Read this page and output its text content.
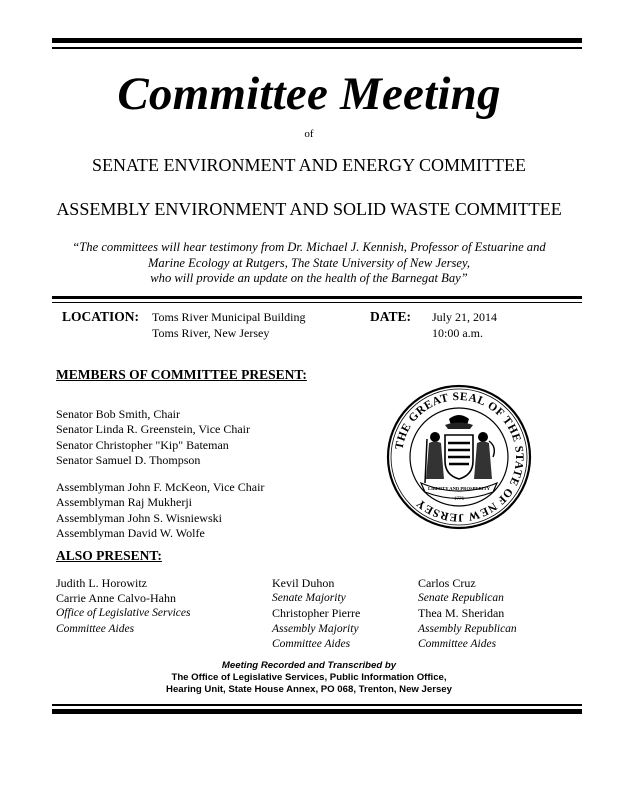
Committee Meeting
of
SENATE ENVIRONMENT AND ENERGY COMMITTEE
ASSEMBLY ENVIRONMENT AND SOLID WASTE COMMITTEE
“The committees will hear testimony from Dr. Michael J. Kennish, Professor of Estuarine and
Marine Ecology at Rutgers, The State University of New Jersey,
who will provide an update on the health of the Barnegat Bay”
LOCATION: Toms River Municipal Building
Toms River, New Jersey
DATE: July 21, 2014
10:00 a.m.
MEMBERS OF COMMITTEE PRESENT:
Senator Bob Smith, Chair
Senator Linda R. Greenstein, Vice Chair
Senator Christopher "Kip" Bateman
Senator Samuel D. Thompson
Assemblyman John F. McKeon, Vice Chair
Assemblyman Raj Mukherji
Assemblyman John S. Wisniewski
Assemblyman David W. Wolfe
THE GREAT SEAL OF THE STATE OF NEW JERSEY
LIBERTY AND PROSPERITY
1776
ALSO PRESENT:
Judith L. Horowitz
Carrie Anne Calvo-Hahn
Office of Legislative Services
Committee Aides
Kevil Duhon
Senate Majority
Christopher Pierre
Assembly Majority
Committee Aides
Carlos Cruz
Senate Republican
Thea M. Sheridan
Assembly Republican
Committee Aides
Meeting Recorded and Transcribed by
The Office of Legislative Services, Public Information Office,
Hearing Unit, State House Annex, PO 068, Trenton, New Jersey
